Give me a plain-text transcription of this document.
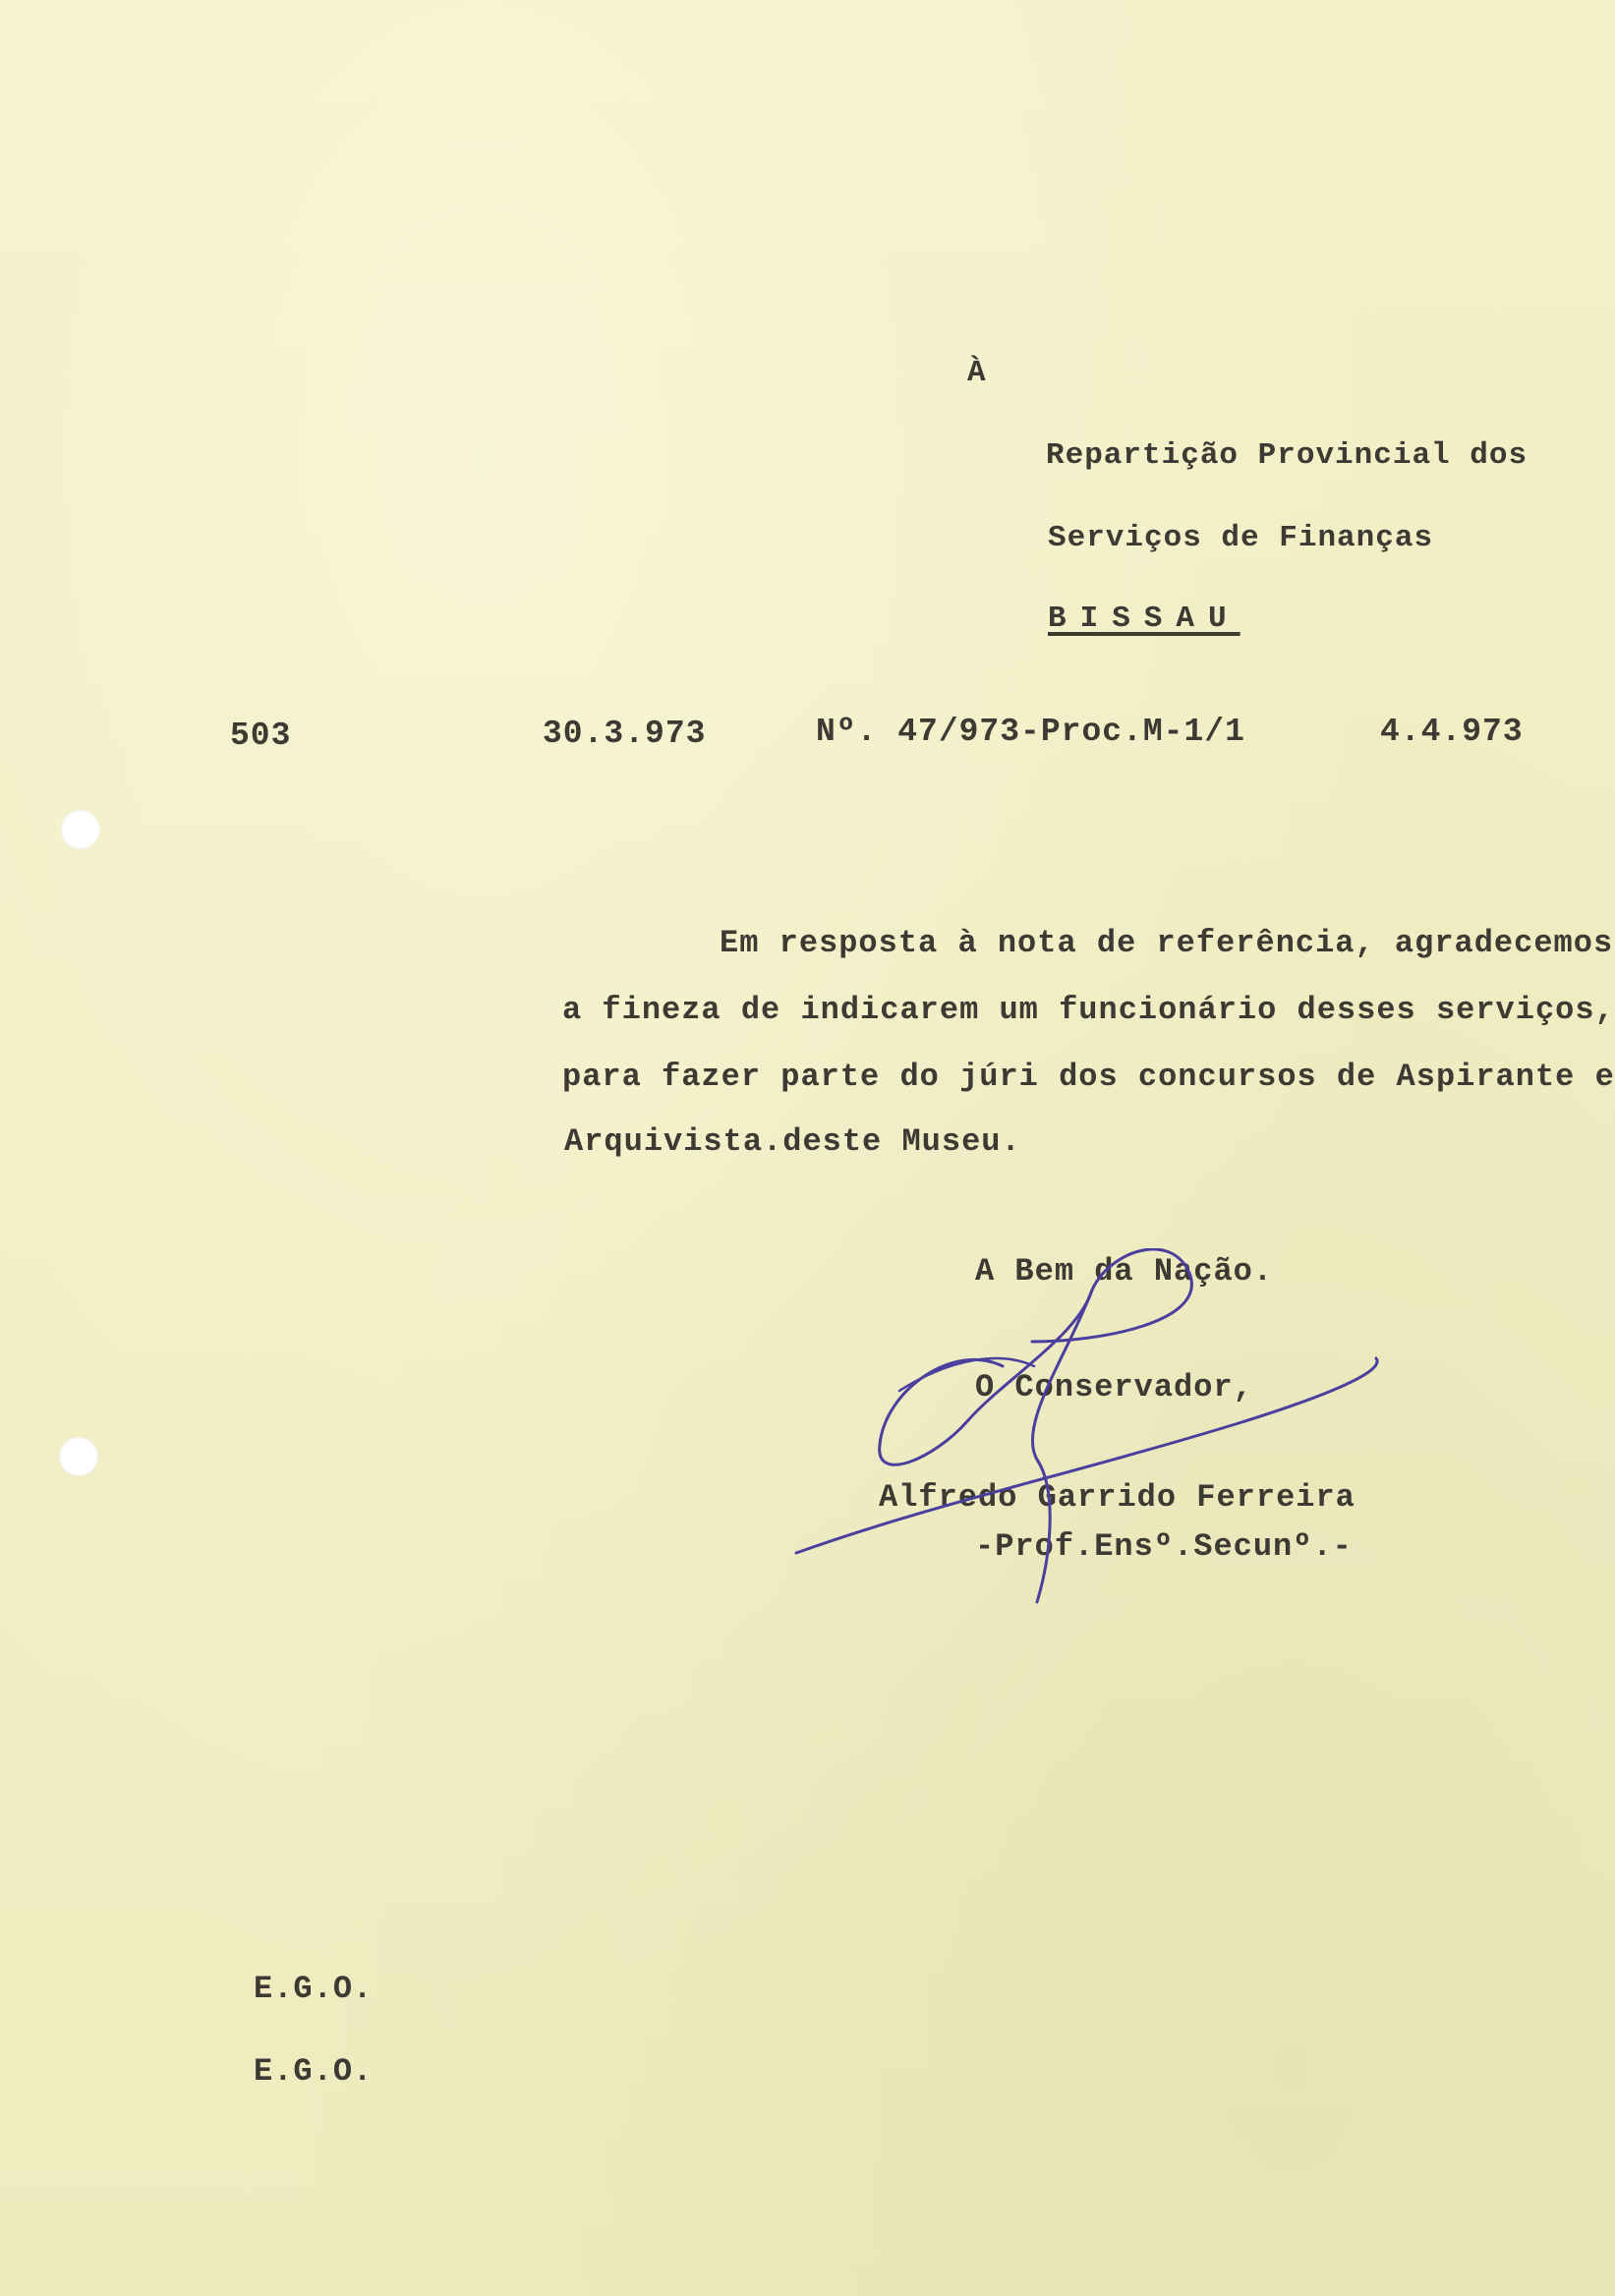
À
Repartição Provincial dos
Serviços de Finanças
BISSAU
503	30.3.973	Nº. 47/973-Proc.M-1/1	4.4.973
Em resposta à nota de referência, agradecemos
a fineza de indicarem um funcionário desses serviços,
para fazer parte do júri dos concursos de Aspirante e
Arquivista.deste Museu.
A Bem da Nação.
O Conservador,
Alfredo Garrido Ferreira
-Prof.Ensº.Secunº.-
E.G.O.
E.G.O.
